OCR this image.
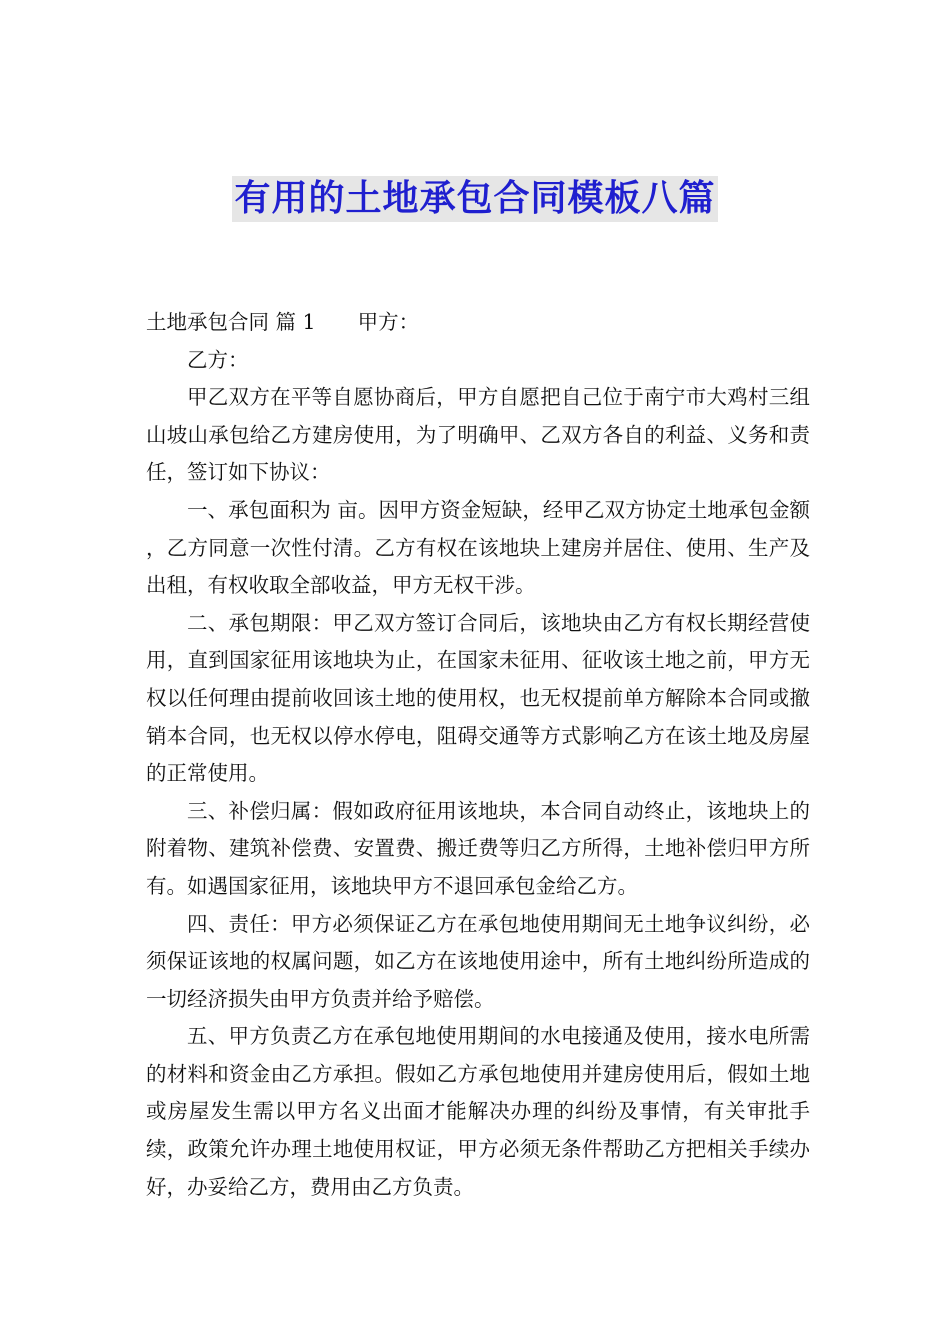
有用的土地承包合同模板八篇

土地承包合同 篇 1 甲方：

乙方：

甲乙双方在平等自愿协商后，甲方自愿把自己位于南宁市大鸡村三组山坡山承包给乙方建房使用，为了明确甲、乙双方各自的利益、义务和责任，签订如下协议：

一、承包面积为 亩。因甲方资金短缺，经甲乙双方协定土地承包金额 ，乙方同意一次性付清。乙方有权在该地块上建房并居住、使用、生产及出租，有权收取全部收益，甲方无权干涉。

二、承包期限：甲乙双方签订合同后，该地块由乙方有权长期经营使用，直到国家征用该地块为止，在国家未征用、征收该土地之前，甲方无权以任何理由提前收回该土地的使用权，也无权提前单方解除本合同或撤销本合同，也无权以停水停电，阻碍交通等方式影响乙方在该土地及房屋的正常使用。

三、补偿归属：假如政府征用该地块，本合同自动终止，该地块上的附着物、建筑补偿费、安置费、搬迁费等归乙方所得，土地补偿归甲方所有。如遇国家征用，该地块甲方不退回承包金给乙方。

四、责任：甲方必须保证乙方在承包地使用期间无土地争议纠纷，必须保证该地的权属问题，如乙方在该地使用途中，所有土地纠纷所造成的一切经济损失由甲方负责并给予赔偿。

五、甲方负责乙方在承包地使用期间的水电接通及使用，接水电所需的材料和资金由乙方承担。假如乙方承包地使用并建房使用后，假如土地或房屋发生需以甲方名义出面才能解决办理的纠纷及事情，有关审批手续，政策允许办理土地使用权证，甲方必须无条件帮助乙方把相关手续办好，办妥给乙方，费用由乙方负责。
